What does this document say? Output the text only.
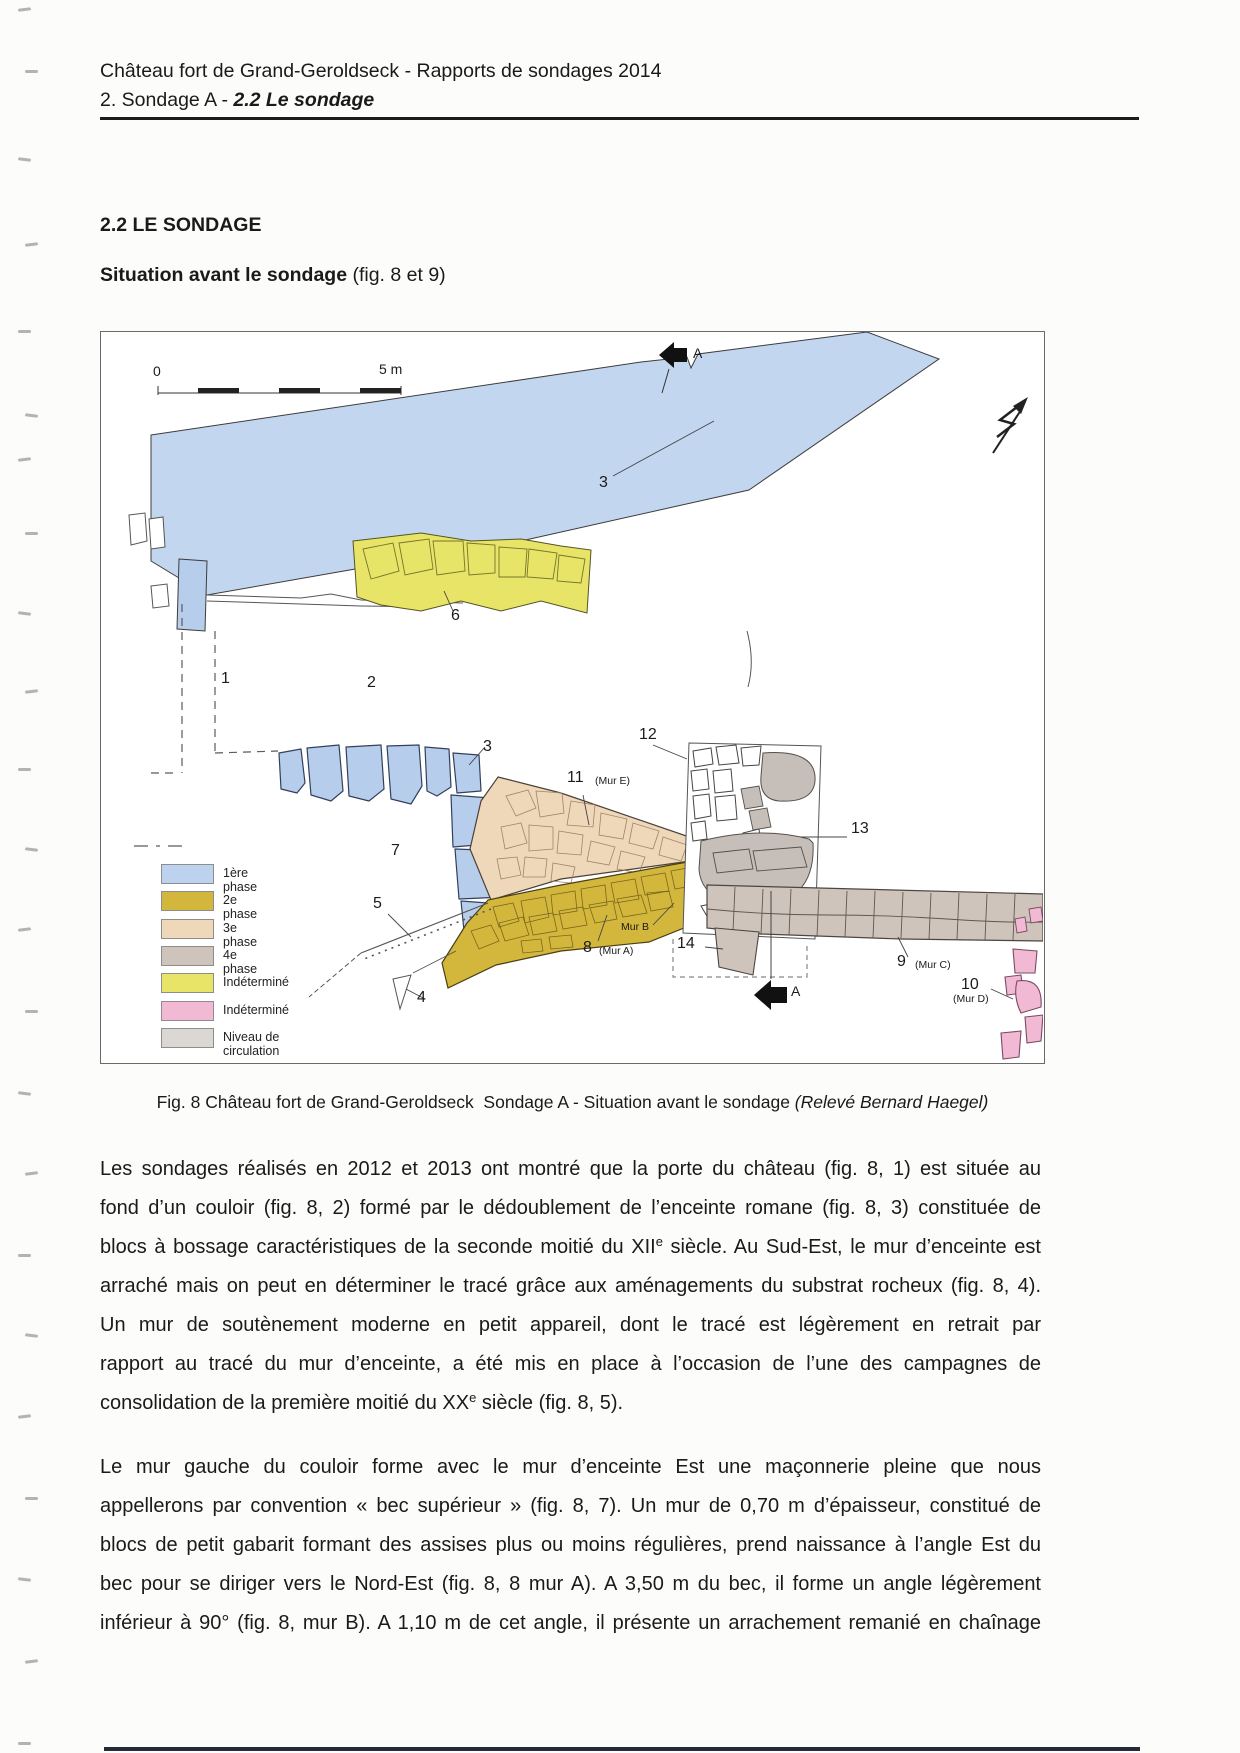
Château fort de Grand-Geroldseck - Rapports de sondages 2014
2. Sondage A - 2.2 Le sondage
2.2 LE SONDAGE
Situation avant le sondage (fig. 8 et 9)
0	5 m
A
3
6
1	2
3
12
11 (Mur E)
13
7
5
Mur B
8 (Mur A)	14
A
9 (Mur C)
10
(Mur D)
4
1ère phase
2e phase
3e phase
4e phase
Indéterminé
Indéterminé
Niveau de circulation
Fig. 8 Château fort de Grand-Geroldseck  Sondage A - Situation avant le sondage (Relevé Bernard Haegel)
Les sondages réalisés en 2012 et 2013 ont montré que la porte du château (fig. 8, 1) est située au
fond d’un couloir (fig. 8, 2) formé par le dédoublement de l’enceinte romane (fig. 8, 3) constituée de
blocs à bossage caractéristiques de la seconde moitié du XIIe siècle. Au Sud-Est, le mur d’enceinte est
arraché mais on peut en déterminer le tracé grâce aux aménagements du substrat rocheux (fig. 8, 4).
Un mur de soutènement moderne en petit appareil, dont le tracé est légèrement en retrait par
rapport au tracé du mur d’enceinte, a été mis en place à l’occasion de l’une des campagnes de
consolidation de la première moitié du XXe siècle (fig. 8, 5).
Le mur gauche du couloir forme avec le mur d’enceinte Est une maçonnerie pleine que nous
appellerons par convention « bec supérieur » (fig. 8, 7). Un mur de 0,70 m d’épaisseur, constitué de
blocs de petit gabarit formant des assises plus ou moins régulières, prend naissance à l’angle Est du
bec pour se diriger vers le Nord-Est (fig. 8, 8 mur A). A 3,50 m du bec, il forme un angle légèrement
inférieur à 90° (fig. 8, mur B). A 1,10 m de cet angle, il présente un arrachement remanié en chaînage
